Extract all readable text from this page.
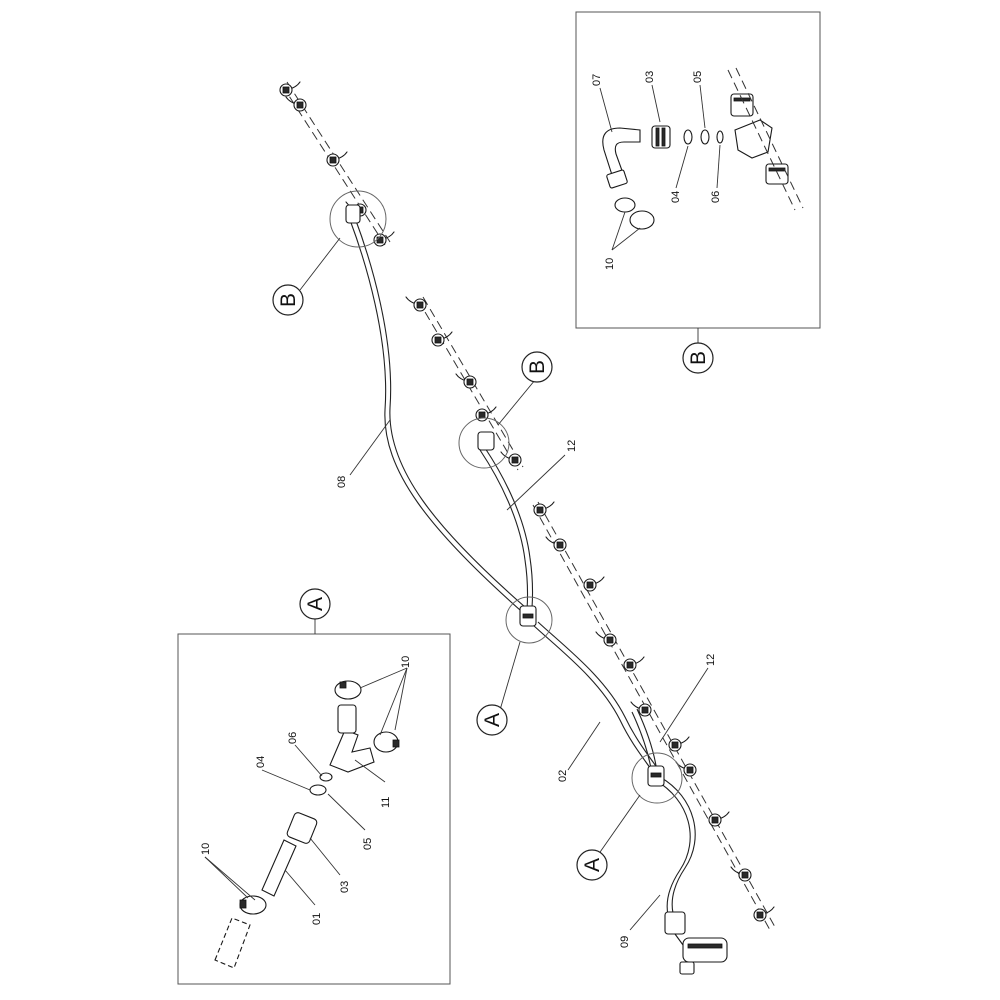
B
B
A
A
08
12
12
02
09
B
07	03	05
04	06
10
A
10
06
04
11
05
03
10
01
